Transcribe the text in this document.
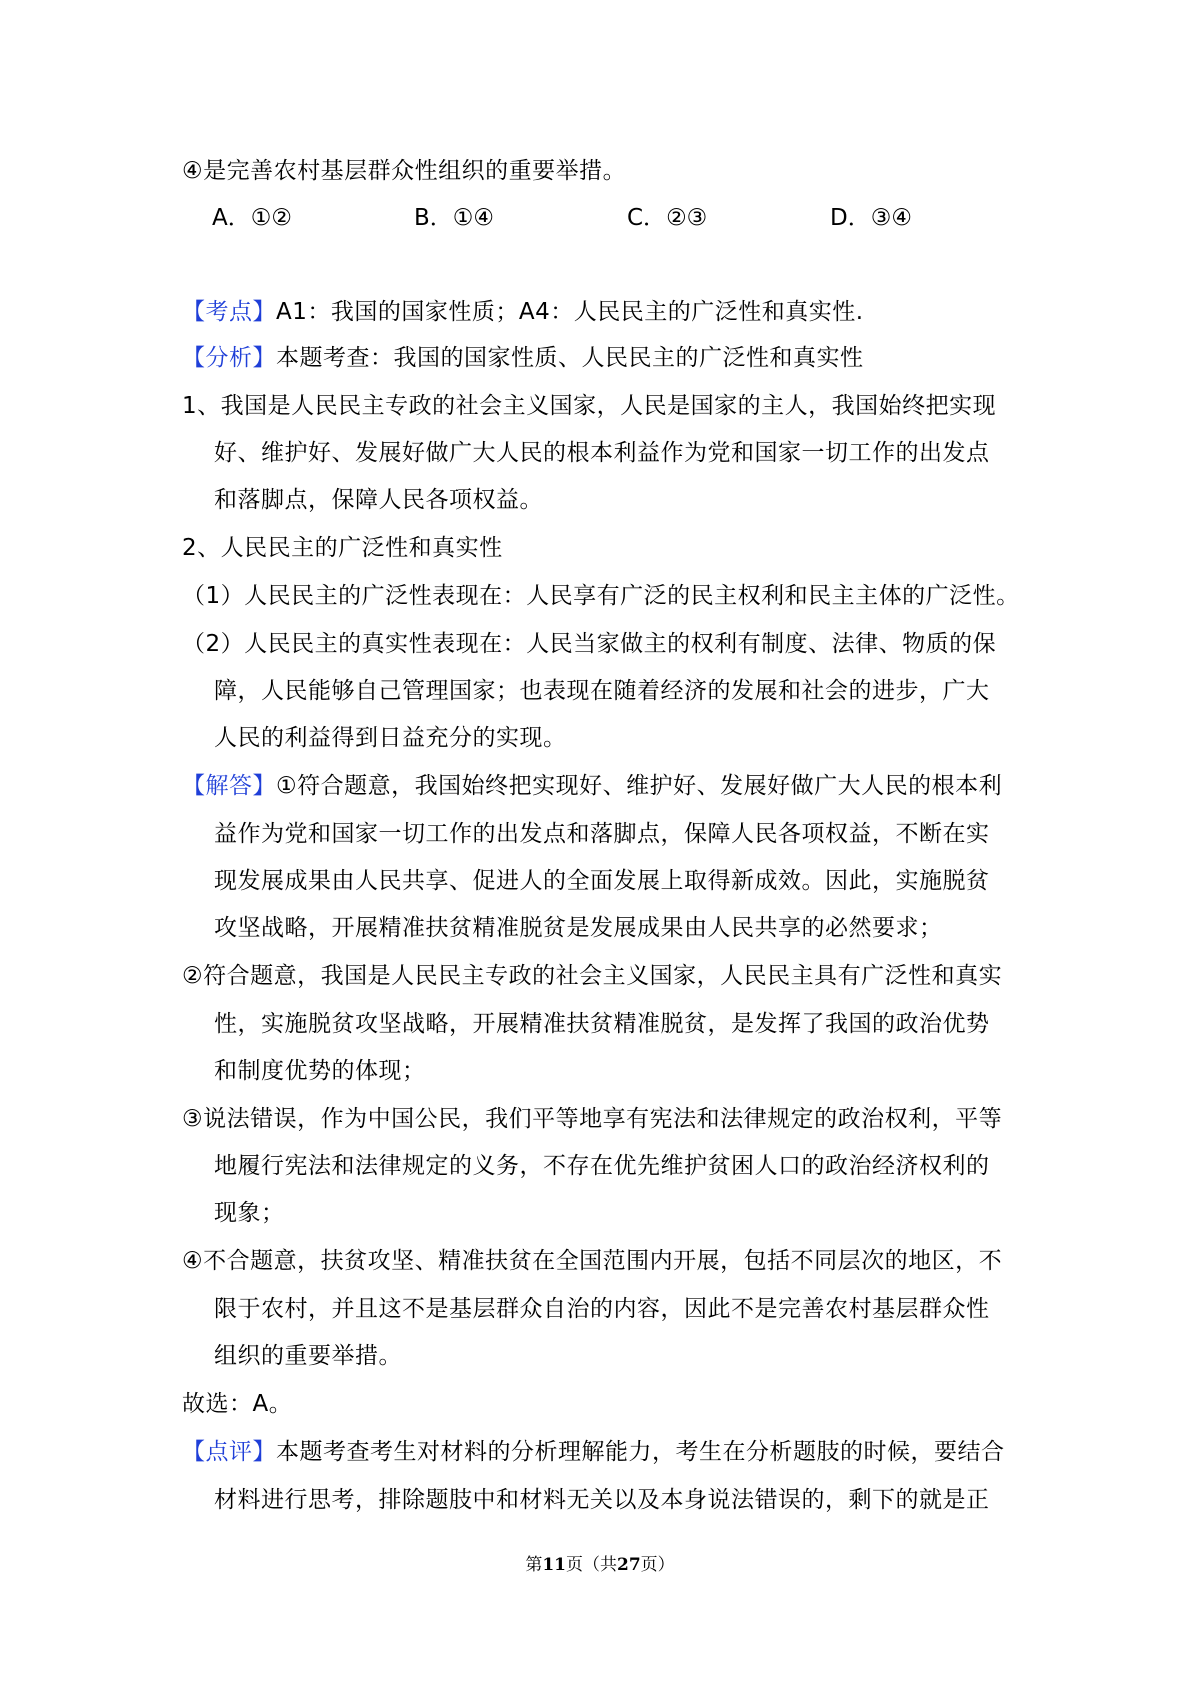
④是完善农村基层群众性组织的重要举措。
A．①②	B．①④	C．②③	D．③④
【考点】A1：我国的国家性质；A4：人民民主的广泛性和真实性.
【分析】本题考查：我国的国家性质、人民民主的广泛性和真实性
1、我国是人民民主专政的社会主义国家，人民是国家的主人，我国始终把实现
好、维护好、发展好做广大人民的根本利益作为党和国家一切工作的出发点
和落脚点，保障人民各项权益。
2、人民民主的广泛性和真实性
（1）人民民主的广泛性表现在：人民享有广泛的民主权利和民主主体的广泛性。
（2）人民民主的真实性表现在：人民当家做主的权利有制度、法律、物质的保
障，人民能够自己管理国家；也表现在随着经济的发展和社会的进步，广大
人民的利益得到日益充分的实现。
【解答】①符合题意，我国始终把实现好、维护好、发展好做广大人民的根本利
益作为党和国家一切工作的出发点和落脚点，保障人民各项权益，不断在实
现发展成果由人民共享、促进人的全面发展上取得新成效。因此，实施脱贫
攻坚战略，开展精准扶贫精准脱贫是发展成果由人民共享的必然要求；
②符合题意，我国是人民民主专政的社会主义国家，人民民主具有广泛性和真实
性，实施脱贫攻坚战略，开展精准扶贫精准脱贫，是发挥了我国的政治优势
和制度优势的体现；
③说法错误，作为中国公民，我们平等地享有宪法和法律规定的政治权利，平等
地履行宪法和法律规定的义务，不存在优先维护贫困人口的政治经济权利的
现象；
④不合题意，扶贫攻坚、精准扶贫在全国范围内开展，包括不同层次的地区，不
限于农村，并且这不是基层群众自治的内容，因此不是完善农村基层群众性
组织的重要举措。
故选：A。
【点评】本题考查考生对材料的分析理解能力，考生在分析题肢的时候，要结合
材料进行思考，排除题肢中和材料无关以及本身说法错误的，剩下的就是正
第11页（共27页）
